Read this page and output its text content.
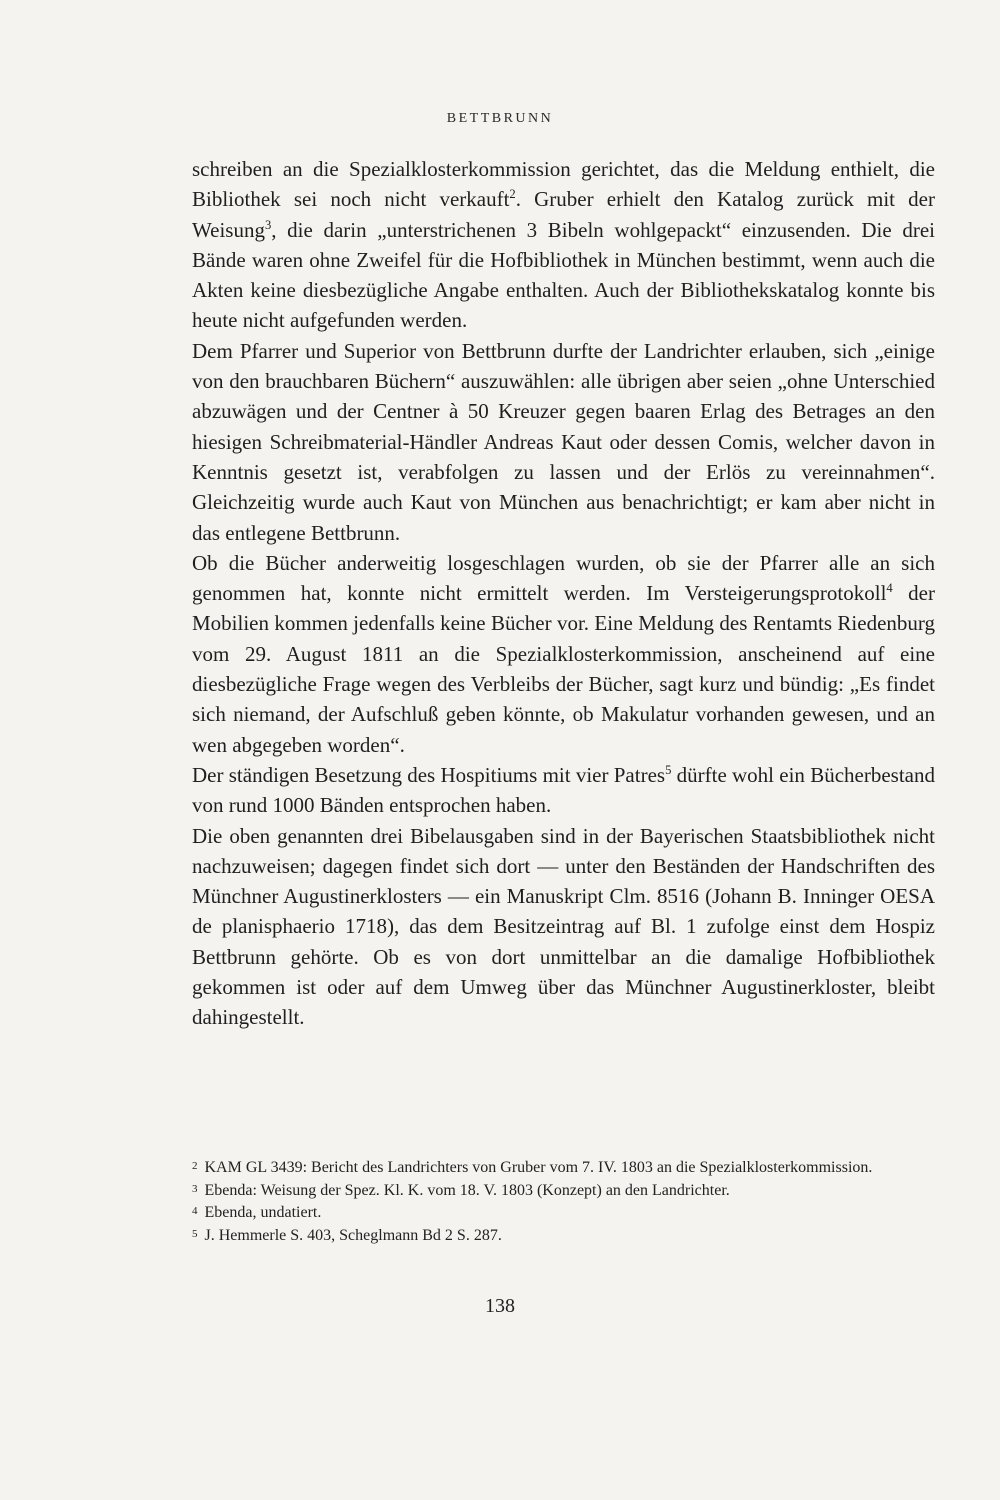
BETTBRUNN

schreiben an die Spezialklosterkommission gerichtet, das die Meldung enthielt, die Bibliothek sei noch nicht verkauft$^2$. Gruber erhielt den Katalog zurück mit der Weisung$^3$, die darin „unterstrichenen 3 Bibeln wohlgepackt“ einzusenden. Die drei Bände waren ohne Zweifel für die Hofbibliothek in München bestimmt, wenn auch die Akten keine diesbezügliche Angabe enthalten. Auch der Bibliothekskatalog konnte bis heute nicht aufgefunden werden.

Dem Pfarrer und Superior von Bettbrunn durfte der Landrichter erlauben, sich „einige von den brauchbaren Büchern“ auszuwählen: alle übrigen aber seien „ohne Unterschied abzuwägen und der Centner à 50 Kreuzer gegen baaren Erlag des Betrages an den hiesigen Schreibmaterial-Händler Andreas Kaut oder dessen Comis, welcher davon in Kenntnis gesetzt ist, verabfolgen zu lassen und der Erlös zu vereinnahmen“. Gleichzeitig wurde auch Kaut von München aus benachrichtigt; er kam aber nicht in das entlegene Bettbrunn.

Ob die Bücher anderweitig losgeschlagen wurden, ob sie der Pfarrer alle an sich genommen hat, konnte nicht ermittelt werden. Im Versteigerungsprotokoll$^4$ der Mobilien kommen jedenfalls keine Bücher vor. Eine Meldung des Rentamts Riedenburg vom 29. August 1811 an die Spezialklosterkommission, anscheinend auf eine diesbezügliche Frage wegen des Verbleibs der Bücher, sagt kurz und bündig: „Es findet sich niemand, der Aufschluß geben könnte, ob Makulatur vorhanden gewesen, und an wen abgegeben worden“.

Der ständigen Besetzung des Hospitiums mit vier Patres$^5$ dürfte wohl ein Bücherbestand von rund 1000 Bänden entsprochen haben.

Die oben genannten drei Bibelausgaben sind in der Bayerischen Staatsbibliothek nicht nachzuweisen; dagegen findet sich dort — unter den Beständen der Handschriften des Münchner Augustinerklosters — ein Manuskript Clm. 8516 (Johann B. Inninger OESA de planisphaerio 1718), das dem Besitzeintrag auf Bl. 1 zufolge einst dem Hospiz Bettbrunn gehörte. Ob es von dort unmittelbar an die damalige Hofbibliothek gekommen ist oder auf dem Umweg über das Münchner Augustinerkloster, bleibt dahingestellt.

2 KAM GL 3439: Bericht des Landrichters von Gruber vom 7. IV. 1803 an die Spezialklosterkommission.

3 Ebenda: Weisung der Spez. Kl. K. vom 18. V. 1803 (Konzept) an den Landrichter.

4 Ebenda, undatiert.

5 J. Hemmerle S. 403, Scheglmann Bd 2 S. 287.

138
